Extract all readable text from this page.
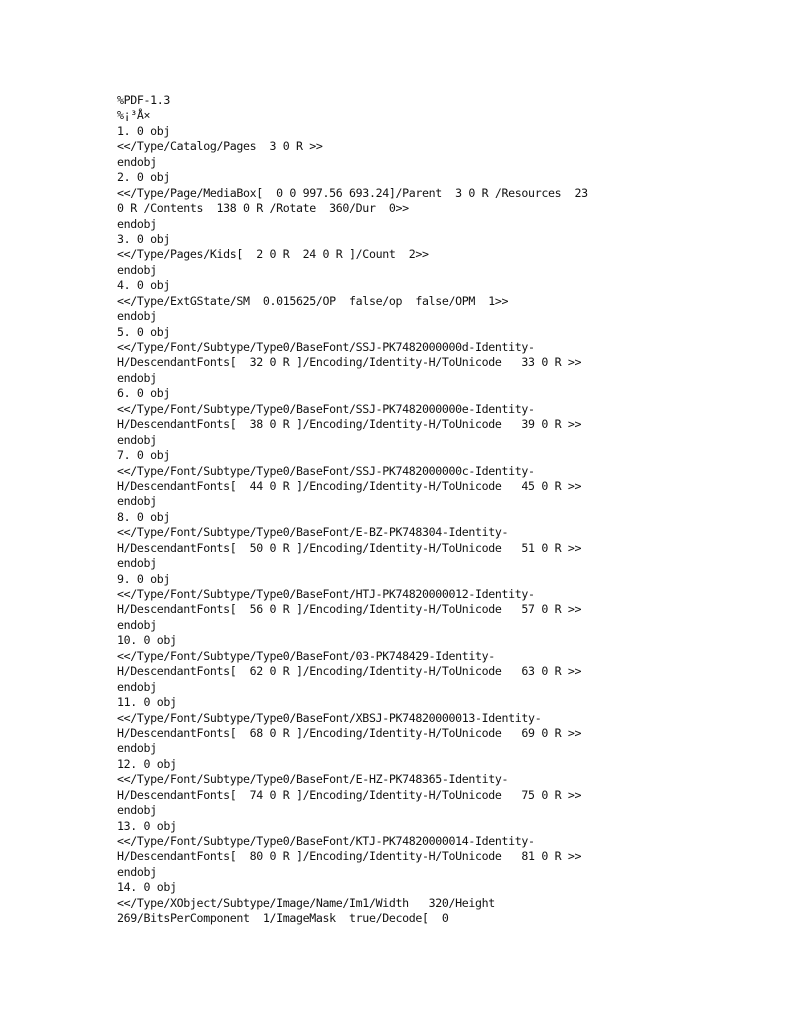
%PDF-1.3
%¡³Å×
1. 0 obj
<</Type/Catalog/Pages  3 0 R >>
endobj
2. 0 obj
<</Type/Page/MediaBox[  0 0 997.56 693.24]/Parent  3 0 R /Resources  23
0 R /Contents  138 0 R /Rotate  360/Dur  0>>
endobj
3. 0 obj
<</Type/Pages/Kids[  2 0 R  24 0 R ]/Count  2>>
endobj
4. 0 obj
<</Type/ExtGState/SM  0.015625/OP  false/op  false/OPM  1>>
endobj
5. 0 obj
<</Type/Font/Subtype/Type0/BaseFont/SSJ-PK7482000000d-Identity-
H/DescendantFonts[  32 0 R ]/Encoding/Identity-H/ToUnicode   33 0 R >>
endobj
6. 0 obj
<</Type/Font/Subtype/Type0/BaseFont/SSJ-PK7482000000e-Identity-
H/DescendantFonts[  38 0 R ]/Encoding/Identity-H/ToUnicode   39 0 R >>
endobj
7. 0 obj
<</Type/Font/Subtype/Type0/BaseFont/SSJ-PK7482000000c-Identity-
H/DescendantFonts[  44 0 R ]/Encoding/Identity-H/ToUnicode   45 0 R >>
endobj
8. 0 obj
<</Type/Font/Subtype/Type0/BaseFont/E-BZ-PK748304-Identity-
H/DescendantFonts[  50 0 R ]/Encoding/Identity-H/ToUnicode   51 0 R >>
endobj
9. 0 obj
<</Type/Font/Subtype/Type0/BaseFont/HTJ-PK74820000012-Identity-
H/DescendantFonts[  56 0 R ]/Encoding/Identity-H/ToUnicode   57 0 R >>
endobj
10. 0 obj
<</Type/Font/Subtype/Type0/BaseFont/03-PK748429-Identity-
H/DescendantFonts[  62 0 R ]/Encoding/Identity-H/ToUnicode   63 0 R >>
endobj
11. 0 obj
<</Type/Font/Subtype/Type0/BaseFont/XBSJ-PK74820000013-Identity-
H/DescendantFonts[  68 0 R ]/Encoding/Identity-H/ToUnicode   69 0 R >>
endobj
12. 0 obj
<</Type/Font/Subtype/Type0/BaseFont/E-HZ-PK748365-Identity-
H/DescendantFonts[  74 0 R ]/Encoding/Identity-H/ToUnicode   75 0 R >>
endobj
13. 0 obj
<</Type/Font/Subtype/Type0/BaseFont/KTJ-PK74820000014-Identity-
H/DescendantFonts[  80 0 R ]/Encoding/Identity-H/ToUnicode   81 0 R >>
endobj
14. 0 obj
<</Type/XObject/Subtype/Image/Name/Im1/Width   320/Height
269/BitsPerComponent  1/ImageMask  true/Decode[  0
